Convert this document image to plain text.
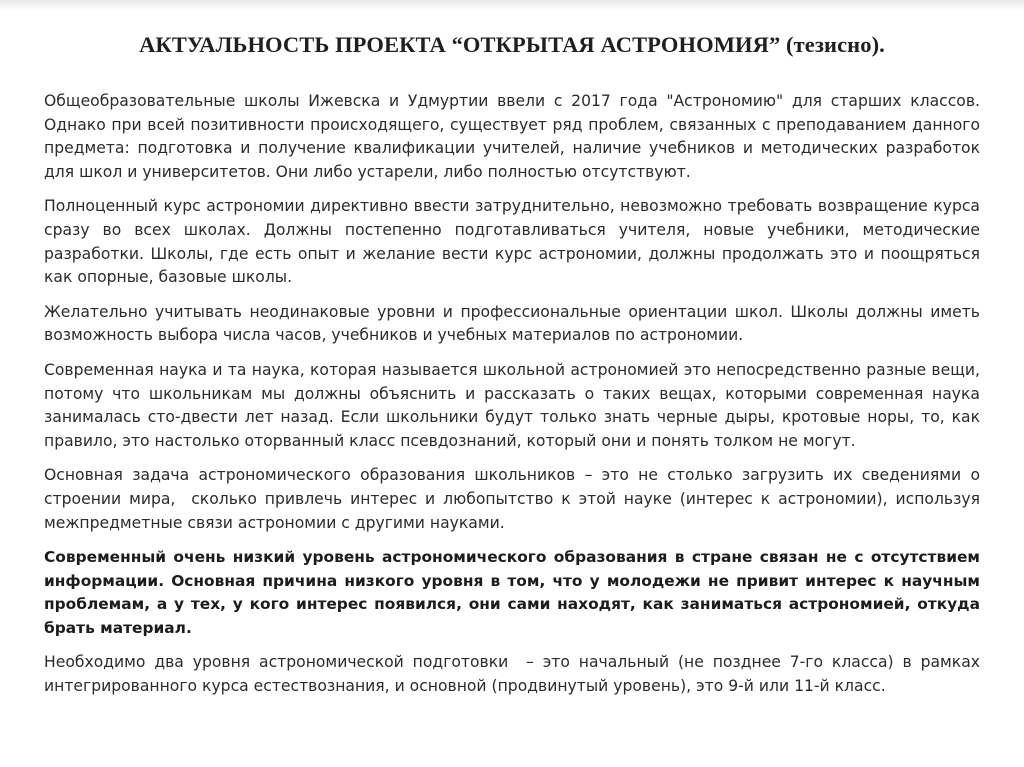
АКТУАЛЬНОСТЬ ПРОЕКТА “ОТКРЫТАЯ АСТРОНОМИЯ” (тезисно).

Общеобразовательные школы Ижевска и Удмуртии ввели с 2017 года "Астрономию" для старших классов. Однако при всей позитивности происходящего, существует ряд проблем, связанных с преподаванием данного предмета: подготовка и получение квалификации учителей, наличие учебников и методических разработок для школ и университетов. Они либо устарели, либо полностью отсутствуют.

Полноценный курс астрономии директивно ввести затруднительно, невозможно требовать возвращение курса сразу во всех школах. Должны постепенно подготавливаться учителя, новые учебники, методические разработки. Школы, где есть опыт и желание вести курс астрономии, должны продолжать это и поощряться как опорные, базовые школы.

Желательно учитывать неодинаковые уровни и профессиональные ориентации школ. Школы должны иметь возможность выбора числа часов, учебников и учебных материалов по астрономии.

Современная наука и та наука, которая называется школьной астрономией это непосредственно разные вещи, потому что школьникам мы должны объяснить и рассказать о таких вещах, которыми современная наука занималась сто-двести лет назад. Если школьники будут только знать черные дыры, кротовые норы, то, как правило, это настолько оторванный класс псевдознаний, который они и понять толком не могут.

Основная задача астрономического образования школьников – это не столько загрузить их сведениями о строении мира,  сколько привлечь интерес и любопытство к этой науке (интерес к астрономии), используя межпредметные связи астрономии с другими науками.

Современный очень низкий уровень астрономического образования в стране связан не с отсутствием информации. Основная причина низкого уровня в том, что у молодежи не привит интерес к научным проблемам, а у тех, у кого интерес появился, они сами находят, как заниматься астрономией, откуда брать материал.

Необходимо два уровня астрономической подготовки  – это начальный (не позднее 7-го класса) в рамках интегрированного курса естествознания, и основной (продвинутый уровень), это 9-й или 11-й класс.
